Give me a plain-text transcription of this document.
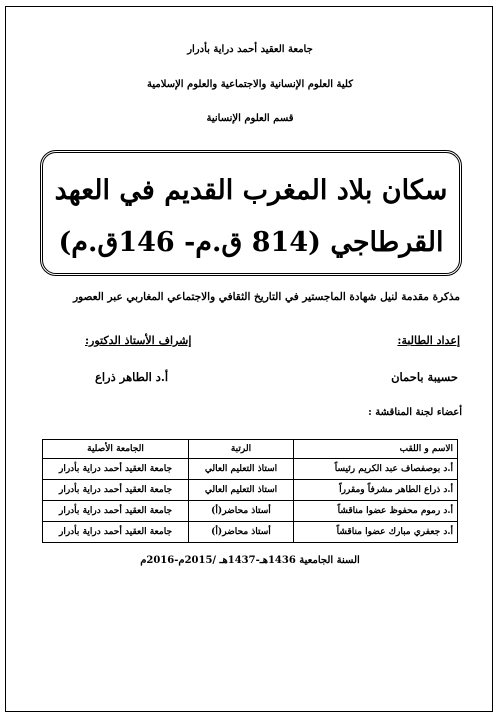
جامعة العقيد أحمد دراية بأدرار
كلية العلوم الإنسانية والاجتماعية والعلوم الإسلامية
قسم العلوم الإنسانية
سكان بلاد المغرب القديم في العهد
القرطاجي (814 ق.م- 146ق.م)
مذكرة مقدمة لنيل شهادة الماجستير في التاريخ الثقافي والاجتماعي المغاربي عبر العصور
إعداد الطالبة:
إشراف الأستاذ الدكتور:
حسيبة باحمان
أ.د الطاهر ذراع
أعضاء لجنة المناقشة :
الاسم و اللقب	الرتبة	الجامعة الأصلية
أ.د بوصفصاف عبد الكريم رئيساً	استاذ التعليم العالي	جامعة العقيد أحمد دراية بأدرار
أ.د ذراع الطاهر مشرفاً ومقرراً	استاذ التعليم العالي	جامعة العقيد أحمد دراية بأدرار
أ.د رموم محفوظ عضوا مناقشاً	أستاذ محاضر(أ)	جامعة العقيد أحمد دراية بأدرار
أ.د جعفري مبارك عضوا مناقشاً	أستاذ محاضر(أ)	جامعة العقيد أحمد دراية بأدرار
السنة الجامعية 1436هـ-1437هـ /2015م-2016م
